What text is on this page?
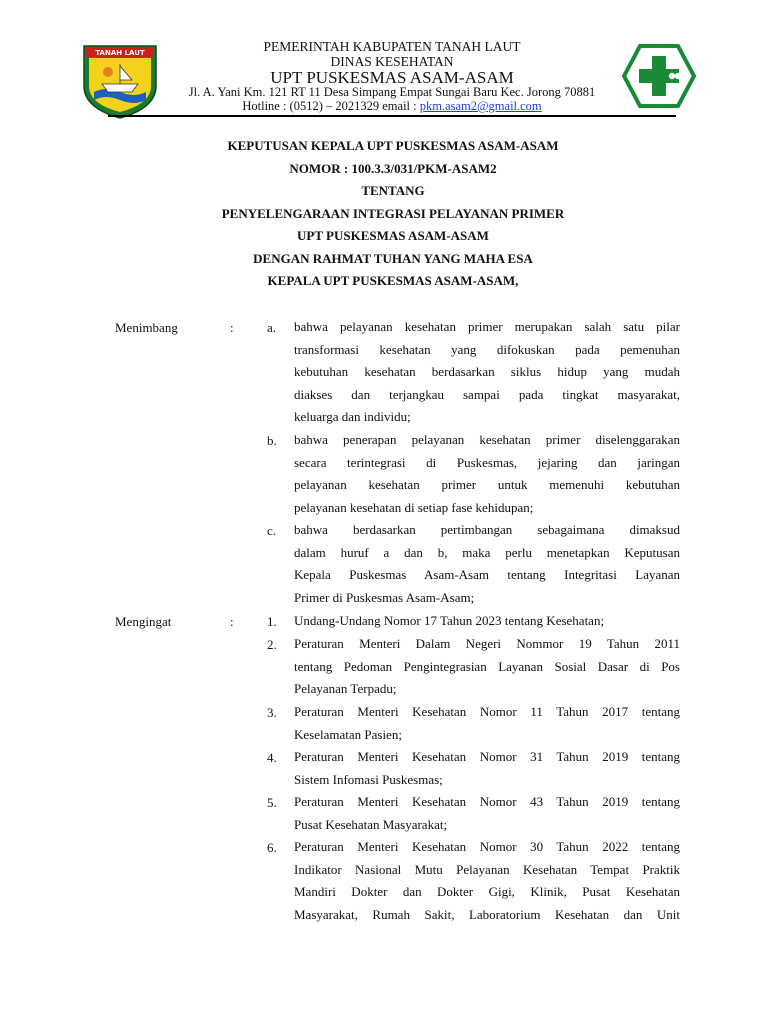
TANAH LAUT	PEMERINTAH KABUPATEN TANAH LAUT
DINAS KESEHATAN
UPT PUSKESMAS ASAM-ASAM
Jl. A. Yani Km. 121 RT 11 Desa Simpang Empat Sungai Baru Kec. Jorong 70881
Hotline : (0512) – 2021329 email : pkm.asam2@gmail.com
KEPUTUSAN KEPALA UPT PUSKESMAS ASAM-ASAM
NOMOR : 100.3.3/031/PKM-ASAM2
TENTANG
PENYELENGARAAN INTEGRASI PELAYANAN PRIMER
UPT PUSKESMAS ASAM-ASAM
DENGAN RAHMAT TUHAN YANG MAHA ESA
KEPALA UPT PUSKESMAS ASAM-ASAM,
Menimbang	:	a. bahwa pelayanan kesehatan primer merupakan salah satu pilar
transformasi kesehatan yang difokuskan pada pemenuhan
kebutuhan kesehatan berdasarkan siklus hidup yang mudah
diakses dan terjangkau sampai pada tingkat masyarakat,
keluarga dan individu;
b. bahwa penerapan pelayanan kesehatan primer diselenggarakan
secara terintegrasi di Puskesmas, jejaring dan jaringan
pelayanan kesehatan primer untuk memenuhi kebutuhan
pelayanan kesehatan di setiap fase kehidupan;
c. bahwa berdasarkan pertimbangan sebagaimana dimaksud
dalam huruf a dan b, maka perlu menetapkan Keputusan
Kepala Puskesmas Asam-Asam tentang Integritasi Layanan
Primer di Puskesmas Asam-Asam;
Mengingat	:	1. Undang-Undang Nomor 17 Tahun 2023 tentang Kesehatan;
2. Peraturan Menteri Dalam Negeri Nommor 19 Tahun 2011
tentang Pedoman Pengintegrasian Layanan Sosial Dasar di Pos
Pelayanan Terpadu;
3. Peraturan Menteri Kesehatan Nomor 11 Tahun 2017 tentang
Keselamatan Pasien;
4. Peraturan Menteri Kesehatan Nomor 31 Tahun 2019 tentang
Sistem Infomasi Puskesmas;
5. Peraturan Menteri Kesehatan Nomor 43 Tahun 2019 tentang
Pusat Kesehatan Masyarakat;
6. Peraturan Menteri Kesehatan Nomor 30 Tahun 2022 tentang
Indikator Nasional Mutu Pelayanan Kesehatan Tempat Praktik
Mandiri Dokter dan Dokter Gigi, Klinik, Pusat Kesehatan
Masyarakat, Rumah Sakit, Laboratorium Kesehatan dan Unit
